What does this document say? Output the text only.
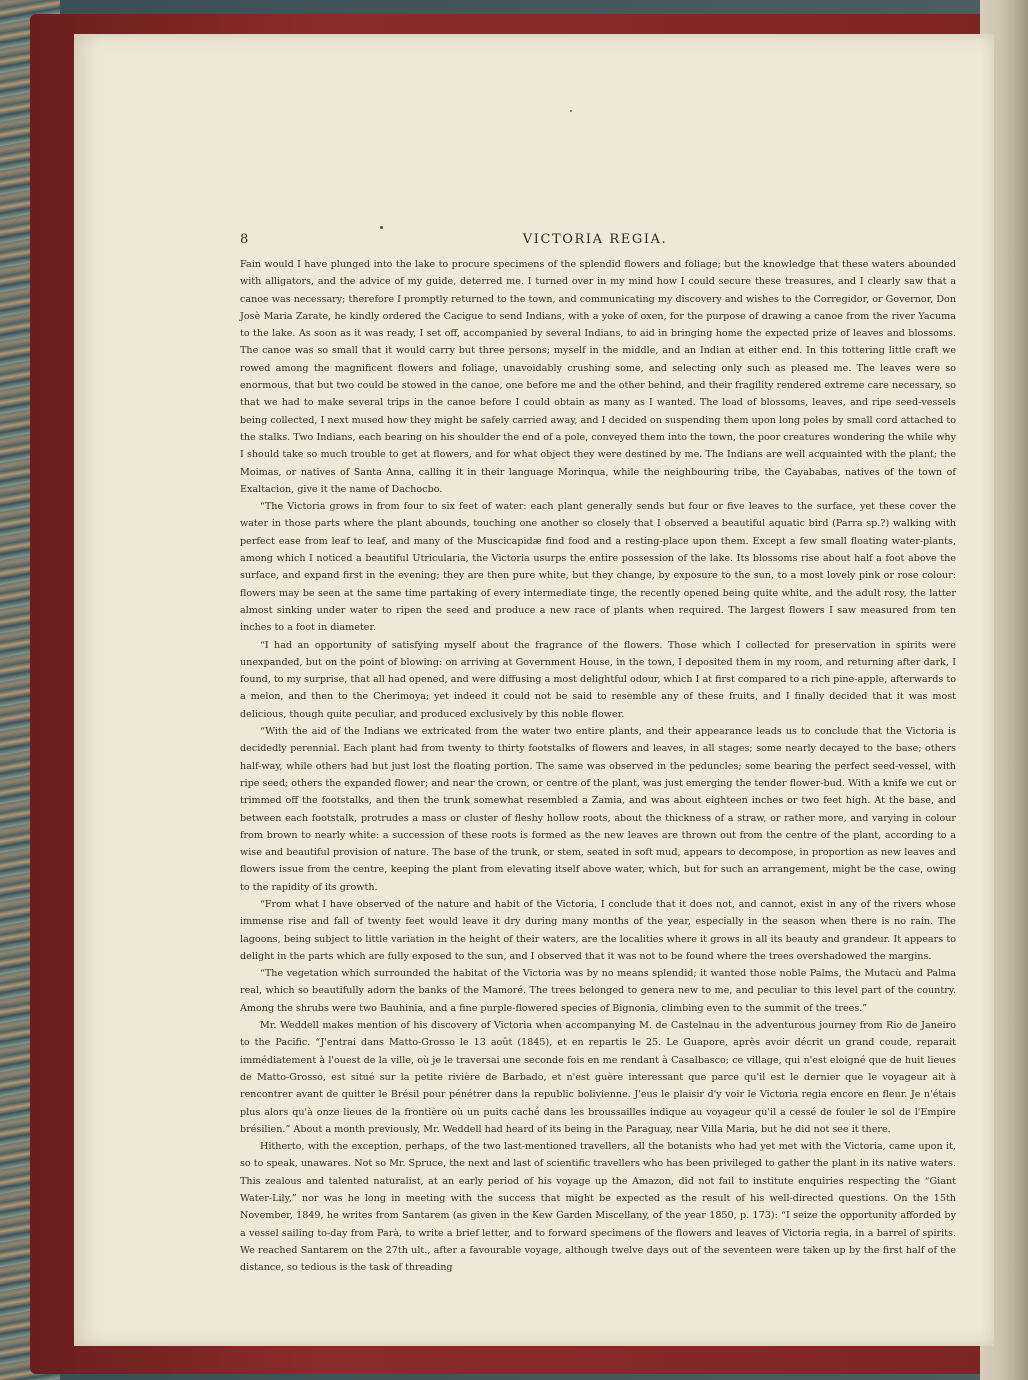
8	VICTORIA REGIA.

Fain would I have plunged into the lake to procure specimens of the splendid flowers and foliage; but the knowledge that these waters abounded with alligators, and the advice of my guide, deterred me. I turned over in my mind how I could secure these treasures, and I clearly saw that a canoe was necessary; therefore I promptly returned to the town, and communicating my discovery and wishes to the Corregidor, or Governor, Don Josè Maria Zarate, he kindly ordered the Cacigue to send Indians, with a yoke of oxen, for the purpose of drawing a canoe from the river Yacuma to the lake. As soon as it was ready, I set off, accompanied by several Indians, to aid in bringing home the expected prize of leaves and blossoms. The canoe was so small that it would carry but three persons; myself in the middle, and an Indian at either end. In this tottering little craft we rowed among the magnificent flowers and foliage, unavoidably crushing some, and selecting only such as pleased me. The leaves were so enormous, that but two could be stowed in the canoe, one before me and the other behind, and their fragility rendered extreme care necessary, so that we had to make several trips in the canoe before I could obtain as many as I wanted. The load of blossoms, leaves, and ripe seed-vessels being collected, I next mused how they might be safely carried away, and I decided on suspending them upon long poles by small cord attached to the stalks. Two Indians, each bearing on his shoulder the end of a pole, conveyed them into the town, the poor creatures wondering the while why I should take so much trouble to get at flowers, and for what object they were destined by me. The Indians are well acquainted with the plant; the Moimas, or natives of Santa Anna, calling it in their language Morinqua, while the neighbouring tribe, the Cayababas, natives of the town of Exaltacion, give it the name of Dachocbo.

“The Victoria grows in from four to six feet of water: each plant generally sends but four or five leaves to the surface, yet these cover the water in those parts where the plant abounds, touching one another so closely that I observed a beautiful aquatic bird (Parra sp.?) walking with perfect ease from leaf to leaf, and many of the Muscicapidæ find food and a resting-place upon them. Except a few small floating water-plants, among which I noticed a beautiful Utricularia, the Victoria usurps the entire possession of the lake. Its blossoms rise about half a foot above the surface, and expand first in the evening; they are then pure white, but they change, by exposure to the sun, to a most lovely pink or rose colour: flowers may be seen at the same time partaking of every intermediate tinge, the recently opened being quite white, and the adult rosy, the latter almost sinking under water to ripen the seed and produce a new race of plants when required. The largest flowers I saw measured from ten inches to a foot in diameter.

“I had an opportunity of satisfying myself about the fragrance of the flowers. Those which I collected for preservation in spirits were unexpanded, but on the point of blowing: on arriving at Government House, in the town, I deposited them in my room, and returning after dark, I found, to my surprise, that all had opened, and were diffusing a most delightful odour, which I at first compared to a rich pine-apple, afterwards to a melon, and then to the Cherimoya; yet indeed it could not be said to resemble any of these fruits, and I finally decided that it was most delicious, though quite peculiar, and produced exclusively by this noble flower.

“With the aid of the Indians we extricated from the water two entire plants, and their appearance leads us to conclude that the Victoria is decidedly perennial. Each plant had from twenty to thirty footstalks of flowers and leaves, in all stages; some nearly decayed to the base; others half-way, while others had but just lost the floating portion. The same was observed in the peduncles; some bearing the perfect seed-vessel, with ripe seed; others the expanded flower; and near the crown, or centre of the plant, was just emerging the tender flower-bud. With a knife we cut or trimmed off the footstalks, and then the trunk somewhat resembled a Zamia, and was about eighteen inches or two feet high. At the base, and between each footstalk, protrudes a mass or cluster of fleshy hollow roots, about the thickness of a straw, or rather more, and varying in colour from brown to nearly white: a succession of these roots is formed as the new leaves are thrown out from the centre of the plant, according to a wise and beautiful provision of nature. The base of the trunk, or stem, seated in soft mud, appears to decompose, in proportion as new leaves and flowers issue from the centre, keeping the plant from elevating itself above water, which, but for such an arrangement, might be the case, owing to the rapidity of its growth.

“From what I have observed of the nature and habit of the Victoria, I conclude that it does not, and cannot, exist in any of the rivers whose immense rise and fall of twenty feet would leave it dry during many months of the year, especially in the season when there is no rain. The lagoons, being subject to little variation in the height of their waters, are the localities where it grows in all its beauty and grandeur. It appears to delight in the parts which are fully exposed to the sun, and I observed that it was not to be found where the trees overshadowed the margins.

“The vegetation which surrounded the habitat of the Victoria was by no means splendid; it wanted those noble Palms, the Mutacù and Palma real, which so beautifully adorn the banks of the Mamoré. The trees belonged to genera new to me, and peculiar to this level part of the country. Among the shrubs were two Bauhinia, and a fine purple-flowered species of Bignonia, climbing even to the summit of the trees.”

Mr. Weddell makes mention of his discovery of Victoria when accompanying M. de Castelnau in the adventurous journey from Rio de Janeiro to the Pacific. “J'entrai dans Matto-Grosso le 13 août (1845), et en repartis le 25. Le Guapore, après avoir décrit un grand coude, reparait immédiatement à l'ouest de la ville, où je le traversai une seconde fois en me rendant à Casalbasco; ce village, qui n'est eloigné que de huit lieues de Matto-Grosso, est situé sur la petite rivière de Barbado, et n'est guère interessant que parce qu'il est le dernier que le voyageur ait à rencontrer avant de quitter le Brésil pour pénétrer dans la republic bolivienne. J'eus le plaisir d'y voir le Victoria regia encore en fleur. Je n'étais plus alors qu'à onze lieues de la frontière où un puits caché dans les broussailles indique au voyageur qu'il a cessé de fouler le sol de l'Empire brésilien.” About a month previously, Mr. Weddell had heard of its being in the Paraguay, near Villa Maria, but he did not see it there.

Hitherto, with the exception, perhaps, of the two last-mentioned travellers, all the botanists who had yet met with the Victoria, came upon it, so to speak, unawares. Not so Mr. Spruce, the next and last of scientific travellers who has been privileged to gather the plant in its native waters. This zealous and talented naturalist, at an early period of his voyage up the Amazon, did not fail to institute enquiries respecting the “Giant Water-Lily,” nor was he long in meeting with the success that might be expected as the result of his well-directed questions. On the 15th November, 1849, he writes from Santarem (as given in the Kew Garden Miscellany, of the year 1850, p. 173): “I seize the opportunity afforded by a vessel sailing to-day from Parà, to write a brief letter, and to forward specimens of the flowers and leaves of Victoria regia, in a barrel of spirits. We reached Santarem on the 27th ult., after a favourable voyage, although twelve days out of the seventeen were taken up by the first half of the distance, so tedious is the task of threading
